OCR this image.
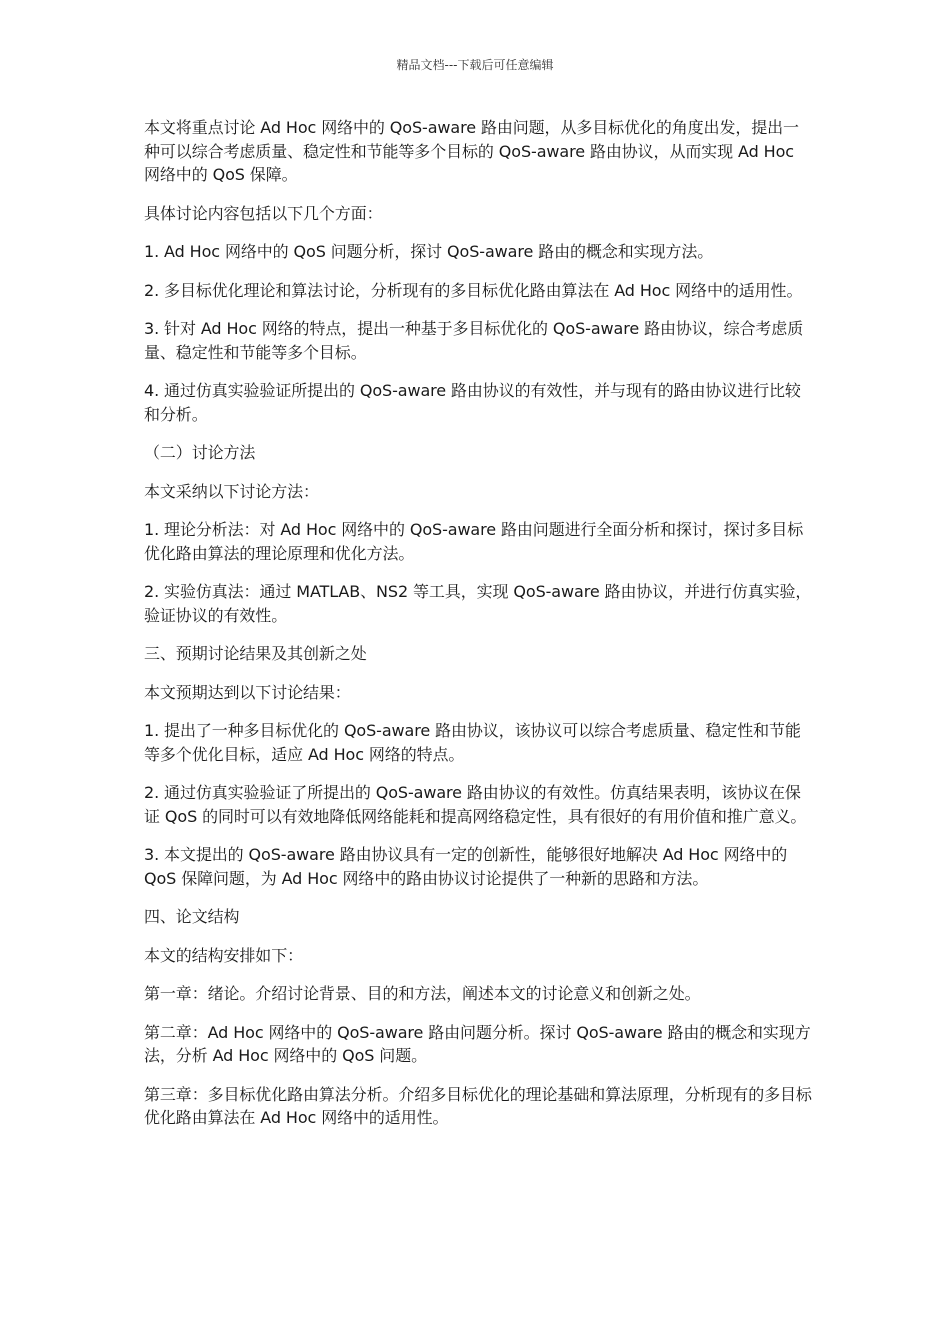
精品文档---下载后可任意编辑

本文将重点讨论 Ad Hoc 网络中的 QoS-aware 路由问题，从多目标优化的角度出发，提出一种可以综合考虑质量、稳定性和节能等多个目标的 QoS-aware 路由协议，从而实现 Ad Hoc 网络中的 QoS 保障。

具体讨论内容包括以下几个方面：

1. Ad Hoc 网络中的 QoS 问题分析，探讨 QoS-aware 路由的概念和实现方法。

2. 多目标优化理论和算法讨论，分析现有的多目标优化路由算法在 Ad Hoc 网络中的适用性。

3. 针对 Ad Hoc 网络的特点，提出一种基于多目标优化的 QoS-aware 路由协议，综合考虑质量、稳定性和节能等多个目标。

4. 通过仿真实验验证所提出的 QoS-aware 路由协议的有效性，并与现有的路由协议进行比较和分析。

（二）讨论方法

本文采纳以下讨论方法：

1. 理论分析法：对 Ad Hoc 网络中的 QoS-aware 路由问题进行全面分析和探讨，探讨多目标优化路由算法的理论原理和优化方法。

2. 实验仿真法：通过 MATLAB、NS2 等工具，实现 QoS-aware 路由协议，并进行仿真实验，验证协议的有效性。

三、预期讨论结果及其创新之处

本文预期达到以下讨论结果：

1. 提出了一种多目标优化的 QoS-aware 路由协议，该协议可以综合考虑质量、稳定性和节能等多个优化目标，适应 Ad Hoc 网络的特点。

2. 通过仿真实验验证了所提出的 QoS-aware 路由协议的有效性。仿真结果表明，该协议在保证 QoS 的同时可以有效地降低网络能耗和提高网络稳定性，具有很好的有用价值和推广意义。

3. 本文提出的 QoS-aware 路由协议具有一定的创新性，能够很好地解决 Ad Hoc 网络中的 QoS 保障问题，为 Ad Hoc 网络中的路由协议讨论提供了一种新的思路和方法。

四、论文结构

本文的结构安排如下：

第一章：绪论。介绍讨论背景、目的和方法，阐述本文的讨论意义和创新之处。

第二章：Ad Hoc 网络中的 QoS-aware 路由问题分析。探讨 QoS-aware 路由的概念和实现方法，分析 Ad Hoc 网络中的 QoS 问题。

第三章：多目标优化路由算法分析。介绍多目标优化的理论基础和算法原理，分析现有的多目标优化路由算法在 Ad Hoc 网络中的适用性。
